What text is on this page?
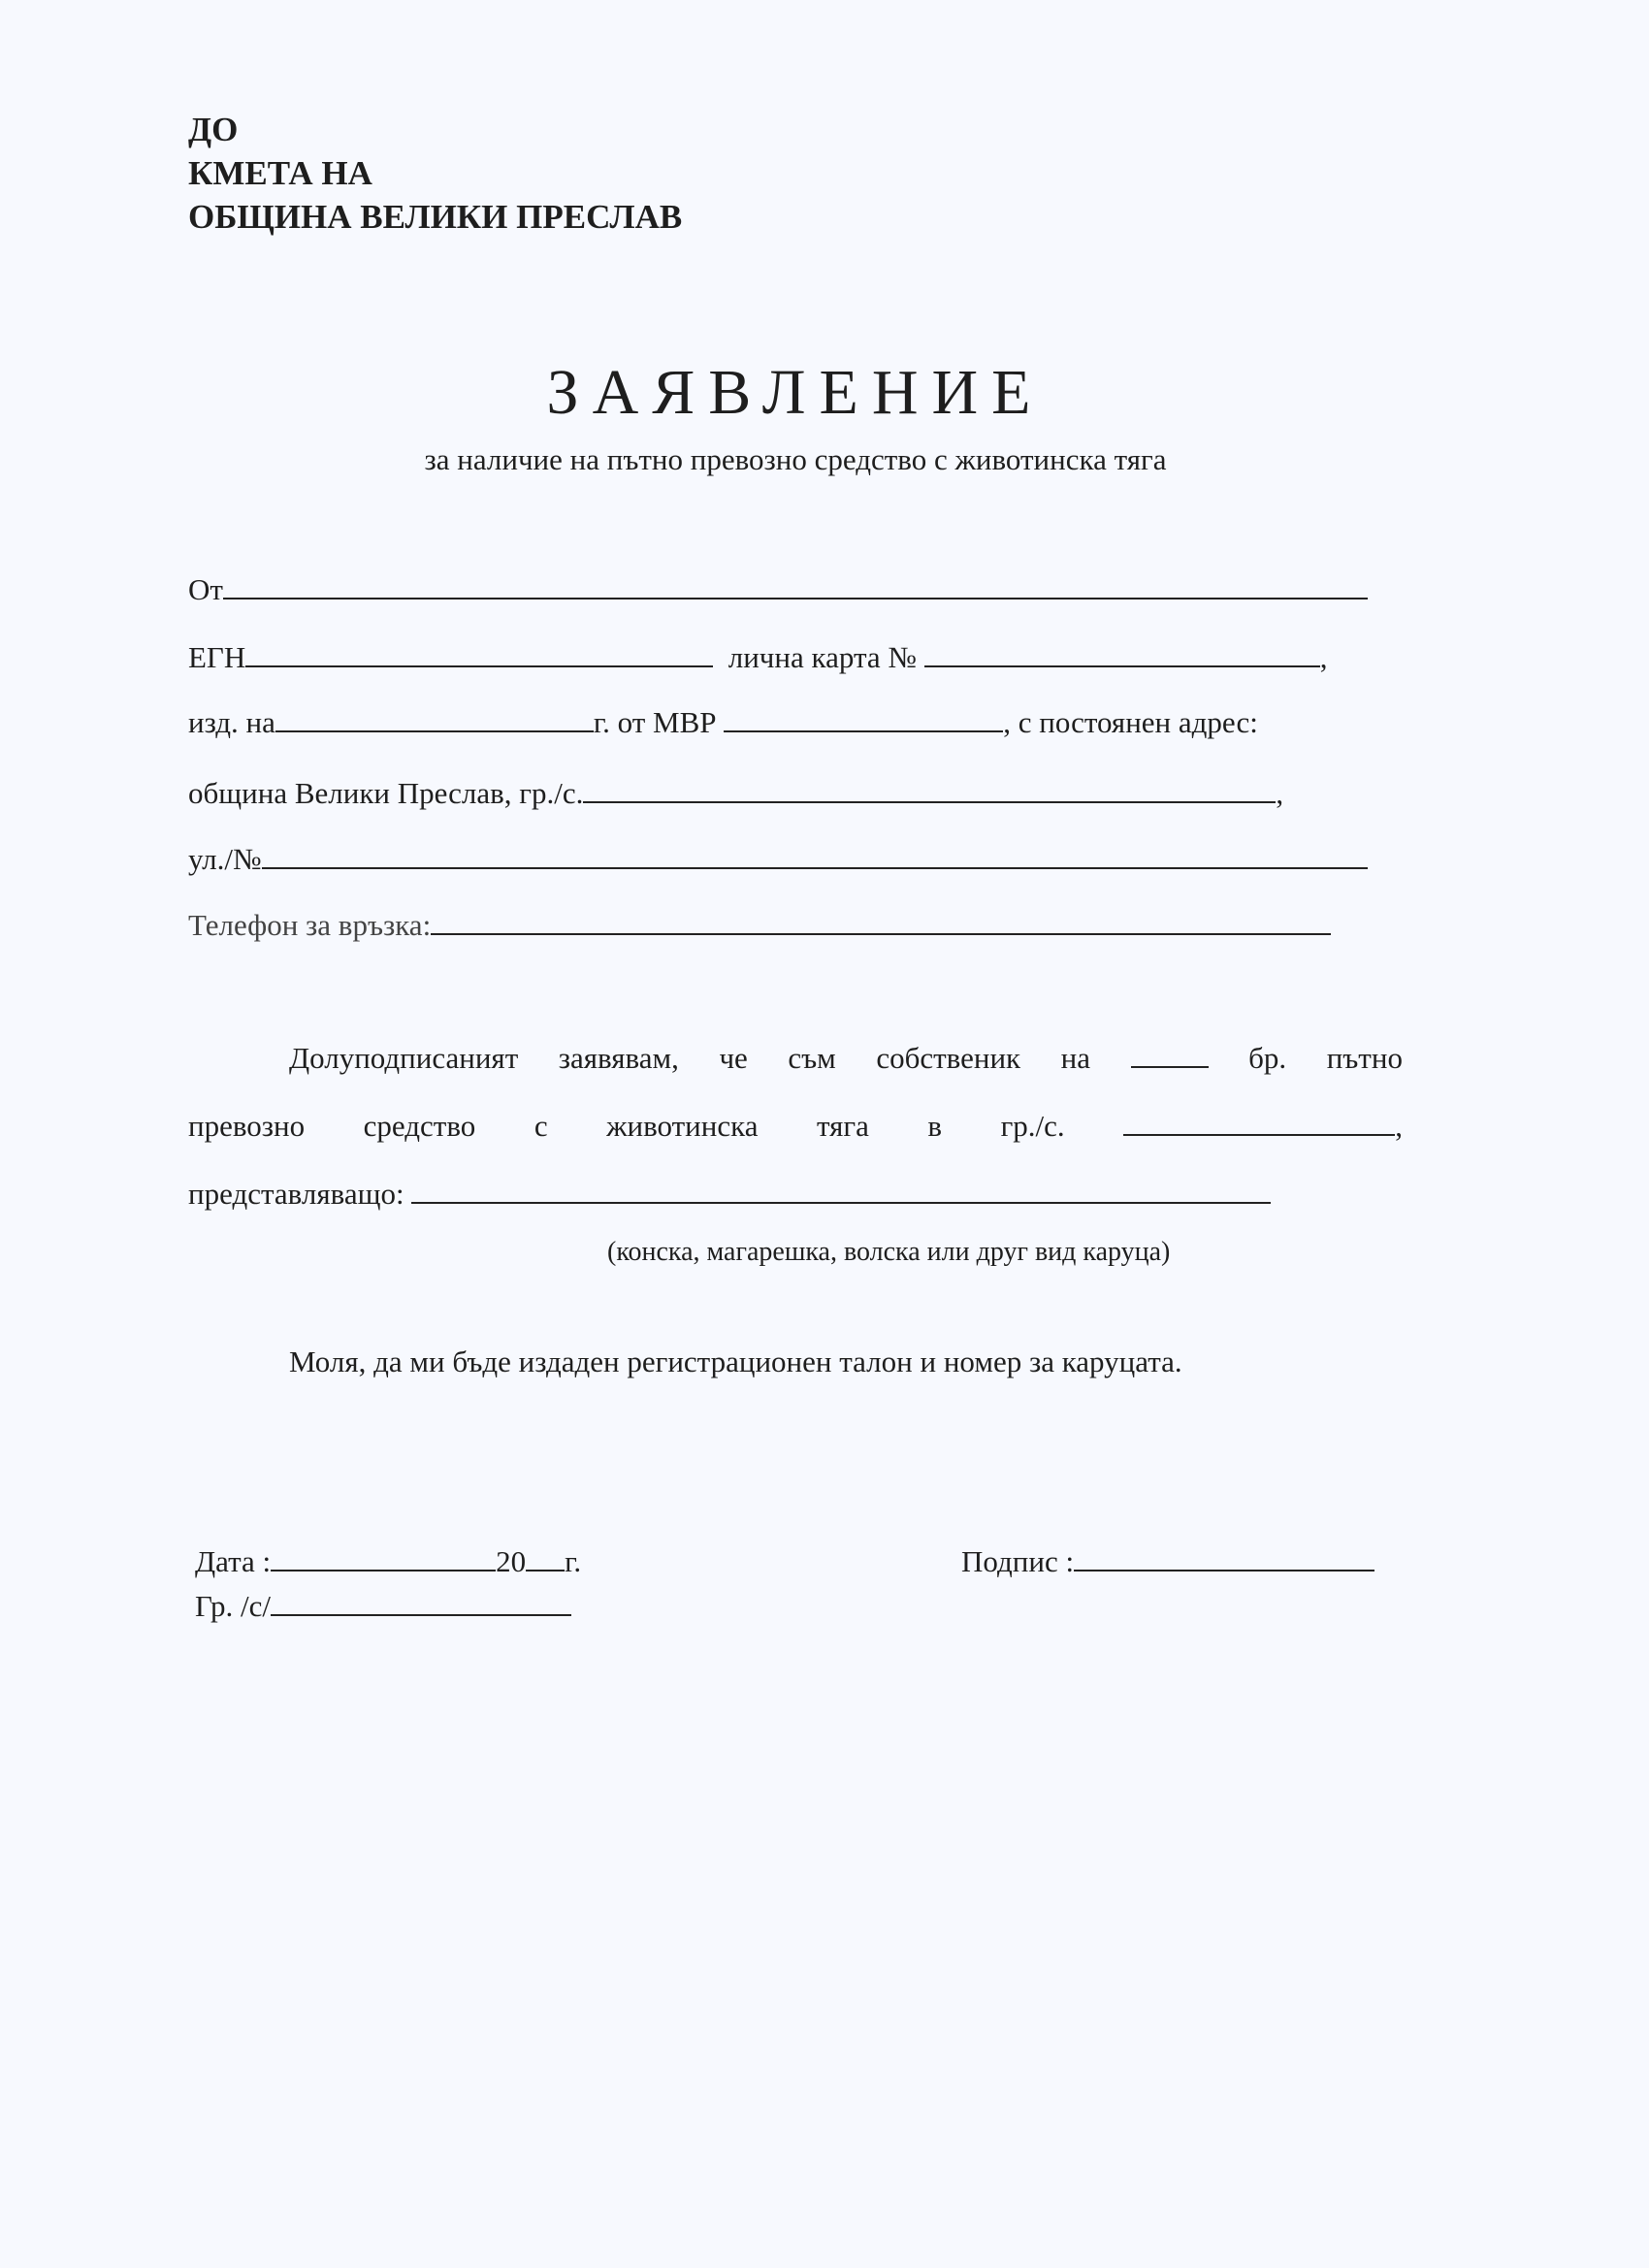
ДО
КМЕТА НА
ОБЩИНА ВЕЛИКИ ПРЕСЛАВ
ЗАЯВЛЕНИЕ
за наличие на пътно превозно средство с животинска тяга
От
ЕГН	лична карта №	,
изд. на	г. от МВР	, с постоянен адрес:
община Велики Преслав, гр./с.	,
ул./№
Телефон за връзка:
Долуподписаният заявявам, че съм собственик на	бр. пътно
превозно средство с животинска тяга в гр./с.	,
представляващо:
(конска, магарешка, волска или друг вид каруца)
Моля, да ми бъде издаден регистрационен талон и номер за каруцата.
Дата :	20 г.	Подпис :
Гр. /с/
